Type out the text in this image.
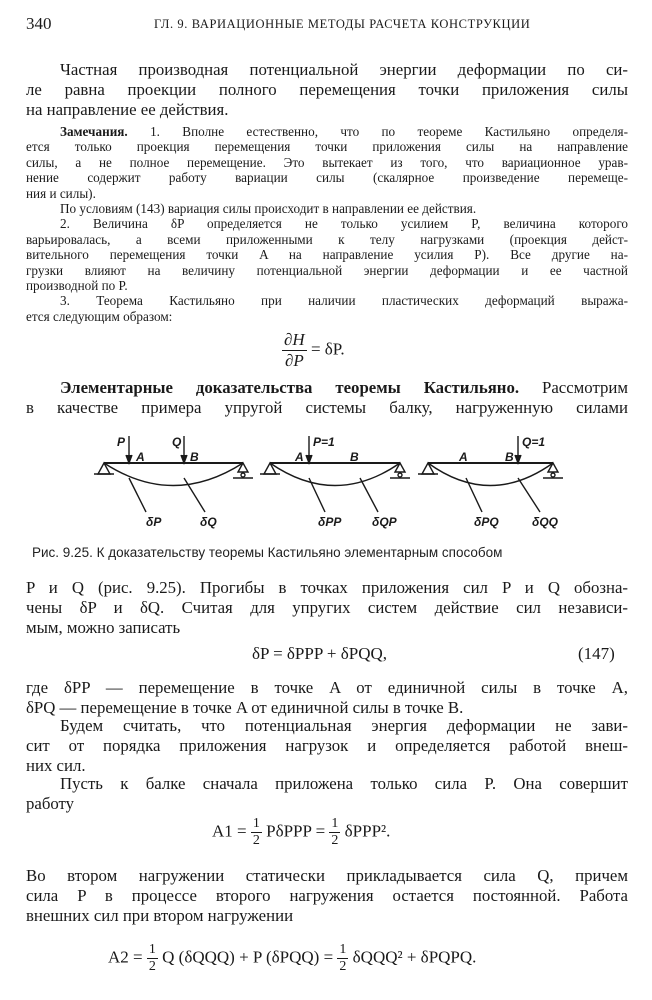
340	ГЛ. 9. ВАРИАЦИОННЫЕ МЕТОДЫ РАСЧЕТА КОНСТРУКЦИИ
Частная производная потенциальной энергии деформации по си-
ле равна проекции полного перемещения точки приложения силы
на направление ее действия.
Замечания. 1. Вполне естественно, что по теореме Кастильяно определя-
ется только проекция перемещения точки приложения силы на направление
силы, а не полное перемещение. Это вытекает из того, что вариационное урав-
нение содержит работу вариации силы (скалярное произведение перемеще-
ния и силы).
По условиям (143) вариация силы происходит в направлении ее действия.
2. Величина δP определяется не только усилием P, величина которого
варьировалась, а всеми приложенными к телу нагрузками (проекция дейст-
вительного перемещения точки A на направление усилия P). Все другие на-
грузки влияют на величину потенциальной энергии деформации и ее частной
производной по P.
3. Теорема Кастильяно при наличии пластических деформаций выража-
ется следующим образом:
$\frac{\partial H}{\partial P} = \delta P$.
Элементарные доказательства теоремы Кастильяно. Рассмотрим
в качестве примера упругой системы балку, нагруженную силами
P	Q
A	B
δP	δQ
P=1
A	B
δPP	δQP
Q=1
A	B
δPQ	δQQ
Рис. 9.25. К доказательству теоремы Кастильяно элементарным способом
P и Q (рис. 9.25). Прогибы в точках приложения сил P и Q обозна-
чены δP и δQ. Считая для упругих систем действие сил независи-
мым, можно записать
δP = δPPP + δPQQ,	(147)
где δPP — перемещение в точке A от единичной силы в точке A,
δPQ — перемещение в точке A от единичной силы в точке B.
Будем считать, что потенциальная энергия деформации не зави-
сит от порядка приложения нагрузок и определяется работой внеш-
них сил.
Пусть к балке сначала приложена только сила P. Она совершит
работу
$A1 = \frac{1}{2}$ $P\delta PPP = \frac{1}{2} \delta PPP^2$.
Во втором нагружении статически прикладывается сила Q, причем
сила P в процессе второго нагружения остается постоянной. Работа
внешних сил при втором нагружении
$A2 = \frac{1}{2}$ Q (δQQQ) + P $(\delta PQQ) = \frac{1}{2} \delta QQQ^2$ + δPQPQ.
